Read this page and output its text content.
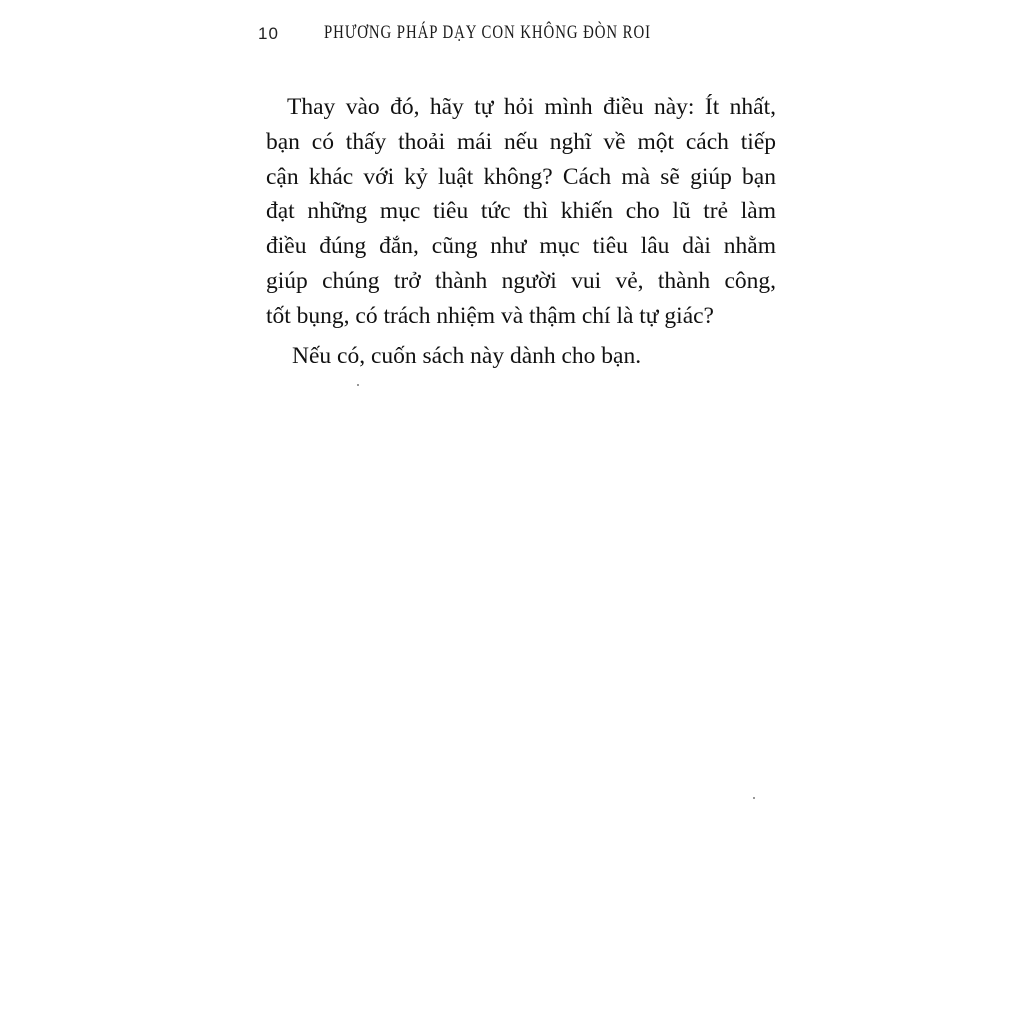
10 PHƯƠNG PHÁP DẠY CON KHÔNG ĐÒN ROI
Thay vào đó, hãy tự hỏi mình điều này: Ít nhất,
bạn có thấy thoải mái nếu nghĩ về một cách tiếp
cận khác với kỷ luật không? Cách mà sẽ giúp bạn
đạt những mục tiêu tức thì khiến cho lũ trẻ làm
điều đúng đắn, cũng như mục tiêu lâu dài nhằm
giúp chúng trở thành người vui vẻ, thành công,
tốt bụng, có trách nhiệm và thậm chí là tự giác?
Nếu có, cuốn sách này dành cho bạn.
